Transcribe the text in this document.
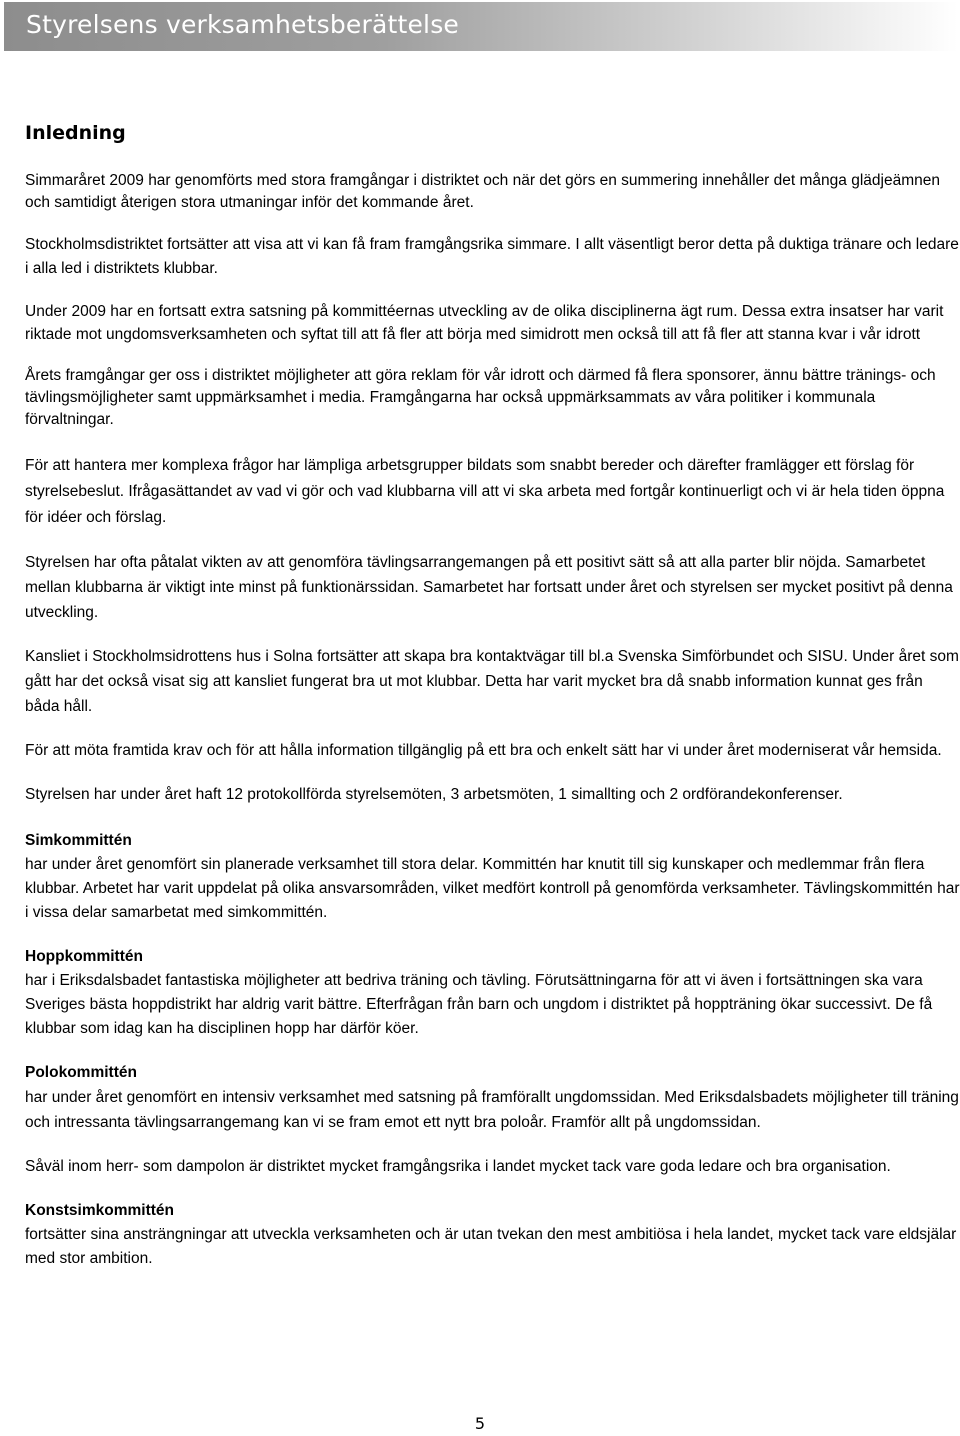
Styrelsens verksamhetsberättelse
Inledning

Simmaråret 2009 har genomförts med stora framgångar i distriktet och när det görs en summering innehåller det många glädjeämnen och samtidigt återigen stora utmaningar inför det kommande året.

Stockholmsdistriktet fortsätter att visa att vi kan få fram framgångsrika simmare. I allt väsentligt beror detta på duktiga tränare och ledare i alla led i distriktets klubbar.

Under 2009 har en fortsatt extra satsning på kommittéernas utveckling av de olika disciplinerna ägt rum. Dessa extra insatser har varit riktade mot ungdomsverksamheten och syftat till att få fler att börja med simidrott men också till att få fler att stanna kvar i vår idrott

Årets framgångar ger oss i distriktet möjligheter att göra reklam för vår idrott och därmed få flera sponsorer, ännu bättre tränings- och tävlingsmöjligheter samt uppmärksamhet i media. Framgångarna har också uppmärksammats av våra politiker i kommunala förvaltningar.

För att hantera mer komplexa frågor har lämpliga arbetsgrupper bildats som snabbt bereder och därefter framlägger ett förslag för styrelsebeslut. Ifrågasättandet av vad vi gör och vad klubbarna vill att vi ska arbeta med fortgår kontinuerligt och vi är hela tiden öppna för idéer och förslag.

Styrelsen har ofta påtalat vikten av att genomföra tävlingsarrangemangen på ett positivt sätt så att alla parter blir nöjda. Samarbetet mellan klubbarna är viktigt inte minst på funktionärssidan. Samarbetet har fortsatt under året och styrelsen ser mycket positivt på denna utveckling.

Kansliet i Stockholmsidrottens hus i Solna fortsätter att skapa bra kontaktvägar till bl.a Svenska Simförbundet och SISU. Under året som gått har det också visat sig att kansliet fungerat bra ut mot klubbar. Detta har varit mycket bra då snabb information kunnat ges från båda håll.

För att möta framtida krav och för att hålla information tillgänglig på ett bra och enkelt sätt har vi under året moderniserat vår hemsida.

Styrelsen har under året haft 12 protokollförda styrelsemöten, 3 arbetsmöten, 1 simallting och 2 ordförandekonferenser.

Simkommittén

har under året genomfört sin planerade verksamhet till stora delar. Kommittén har knutit till sig kunskaper och medlemmar från flera klubbar. Arbetet har varit uppdelat på olika ansvarsområden, vilket medfört kontroll på genomförda verksamheter. Tävlingskommittén har i vissa delar samarbetat med simkommittén.

Hoppkommittén

har i Eriksdalsbadet fantastiska möjligheter att bedriva träning och tävling. Förutsättningarna för att vi även i fortsättningen ska vara Sveriges bästa hoppdistrikt har aldrig varit bättre. Efterfrågan från barn och ungdom i distriktet på hoppträning ökar successivt. De få klubbar som idag kan ha disciplinen hopp har därför köer.

Polokommittén

har under året genomfört en intensiv verksamhet med satsning på framförallt ungdomssidan. Med Eriksdalsbadets möjligheter till träning och intressanta tävlingsarrangemang kan vi se fram emot ett nytt bra poloår. Framför allt på ungdomssidan.

Såväl inom herr- som dampolon är distriktet mycket framgångsrika i landet mycket tack vare goda ledare och bra organisation.

Konstsimkommittén

fortsätter sina ansträngningar att utveckla verksamheten och är utan tvekan den mest ambitiösa i hela landet, mycket tack vare eldsjälar med stor ambition.

5
